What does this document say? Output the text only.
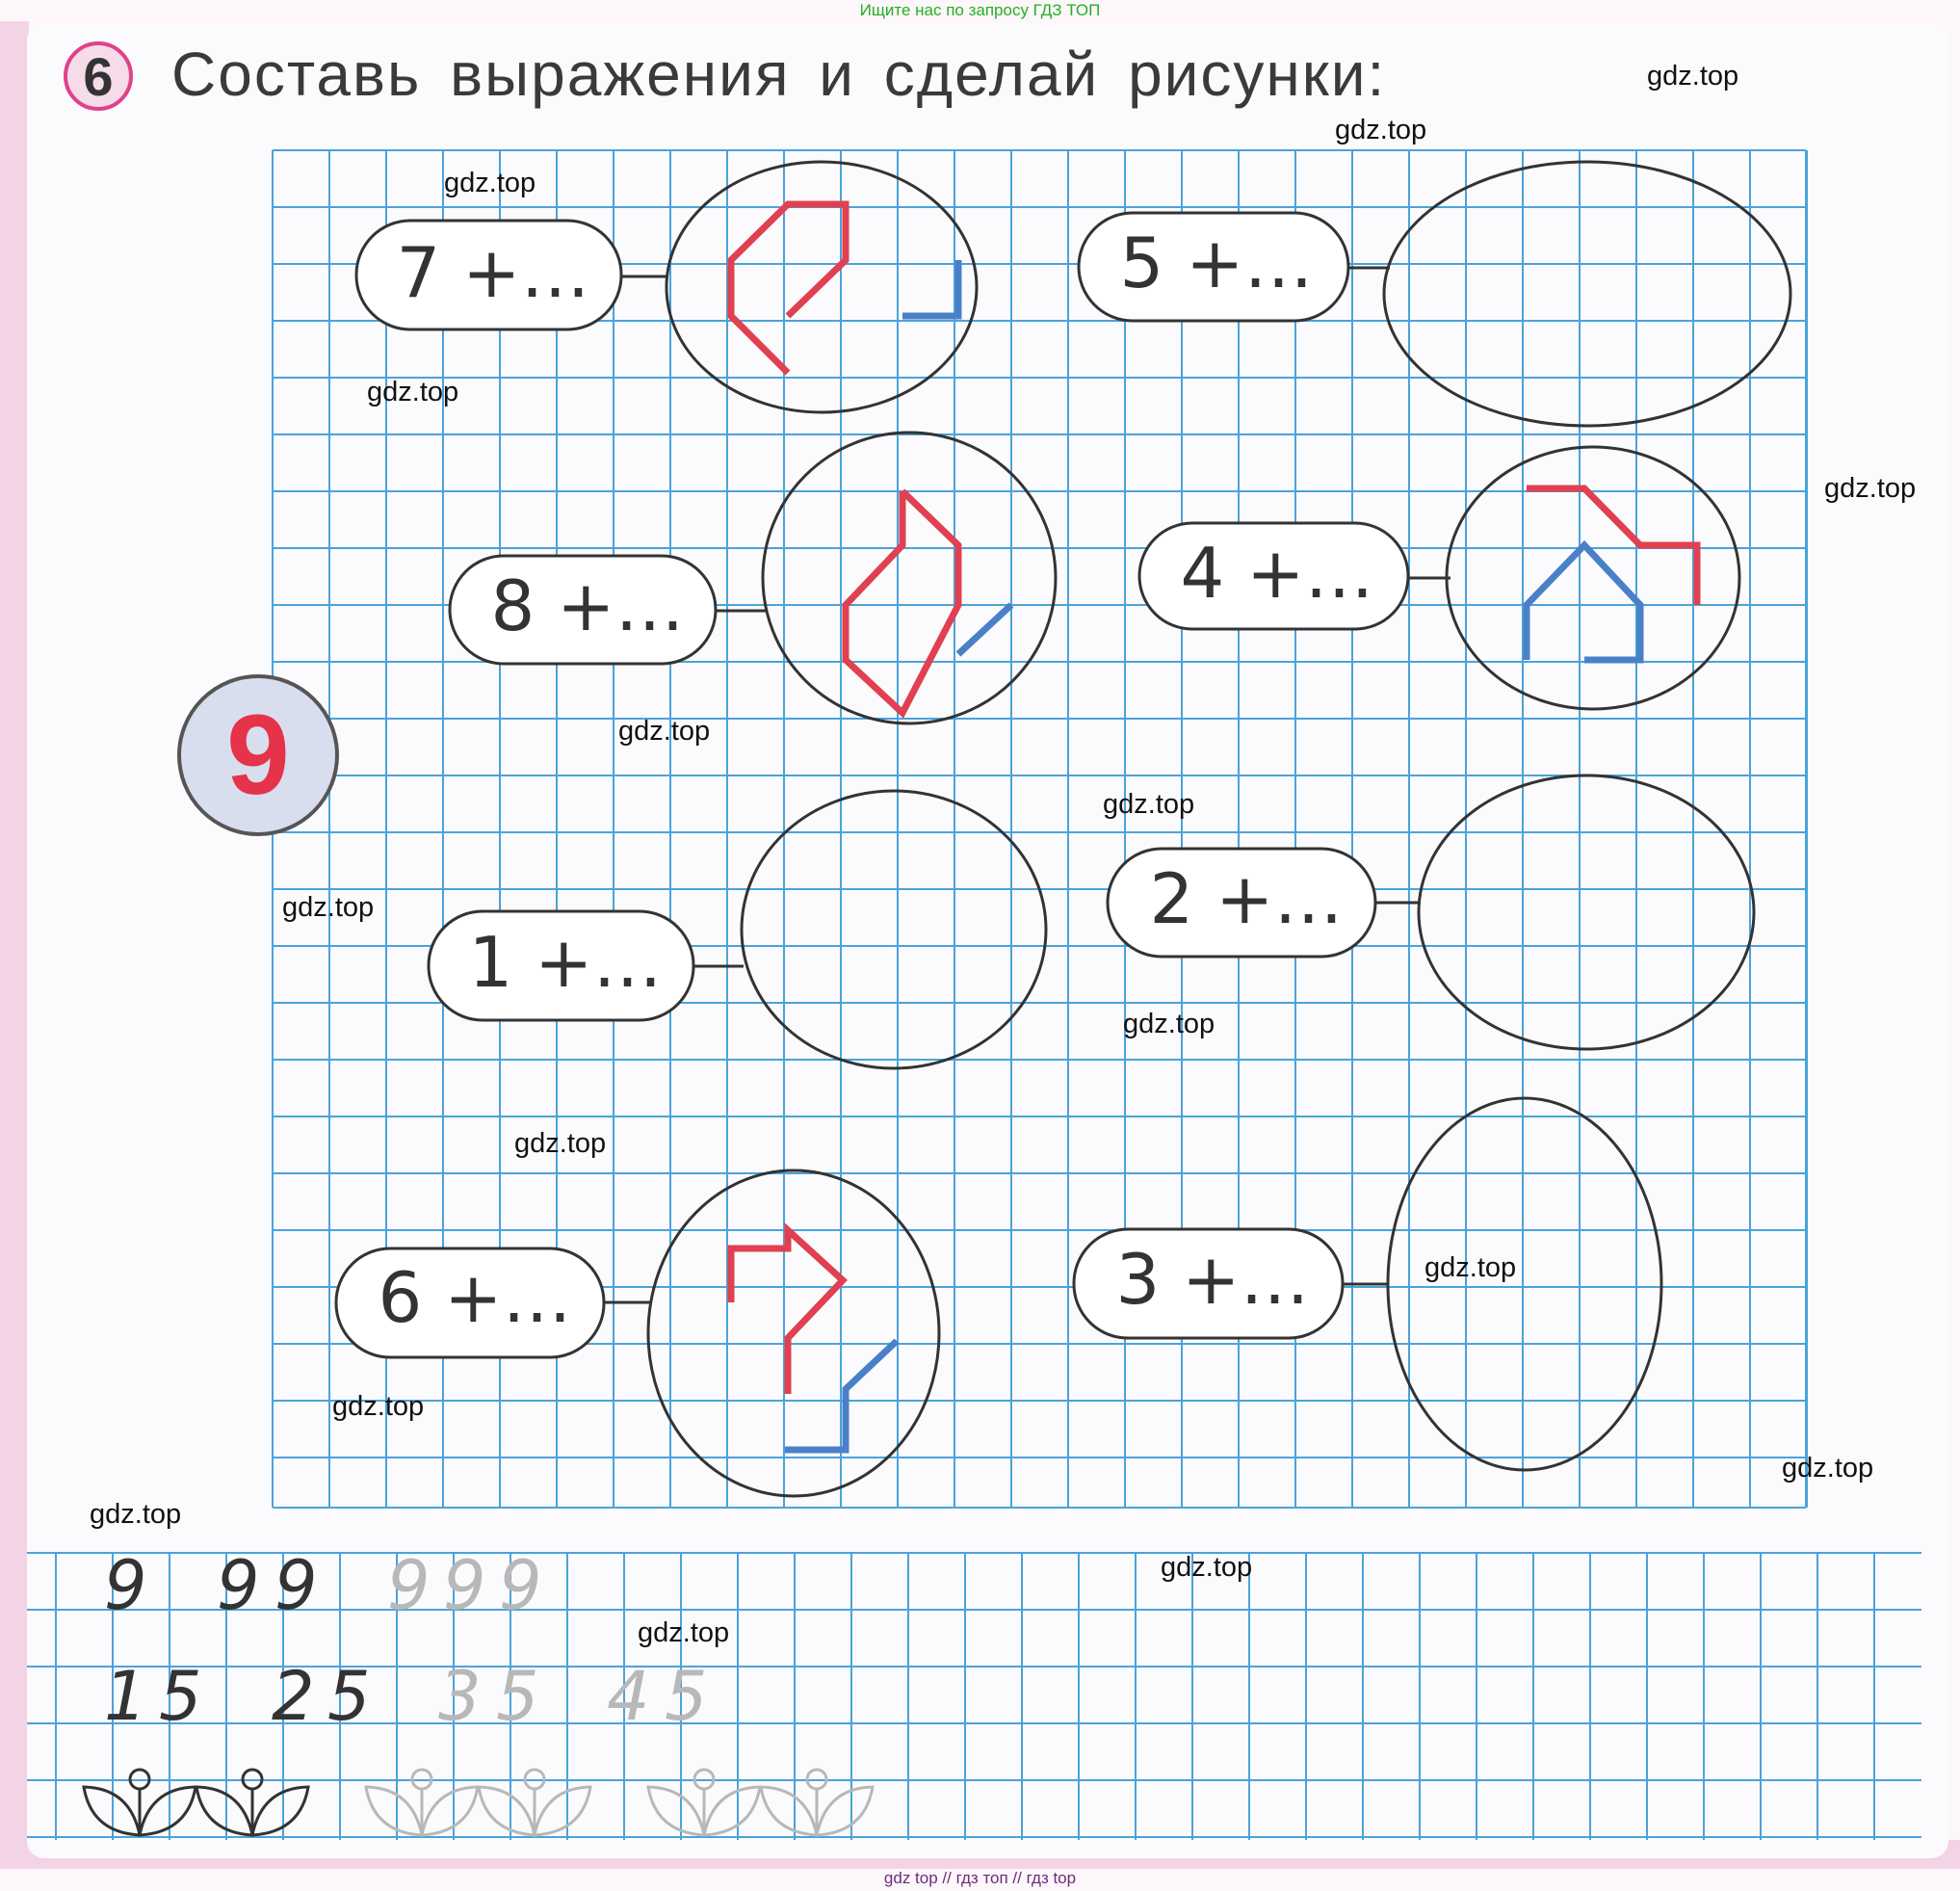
Ищите нас по запросу ГДЗ ТОП
6 Составь выражения и сделай рисунки:
7 +…	5 +…
8 +…	4 +…
1 +…
2 +…
6 +…	3 +…
9 9 9 9 9 9
1 5 2 5 3 5 4 5
9
gdz.top
gdz.top
gdz.top
gdz.top
gdz.top
gdz.top
gdz.top
gdz.top
gdz.top
gdz.top
gdz.top
gdz.top
gdz.top
gdz.top
gdz.top
gdz.top
gdz top // гдз топ // гдз top
